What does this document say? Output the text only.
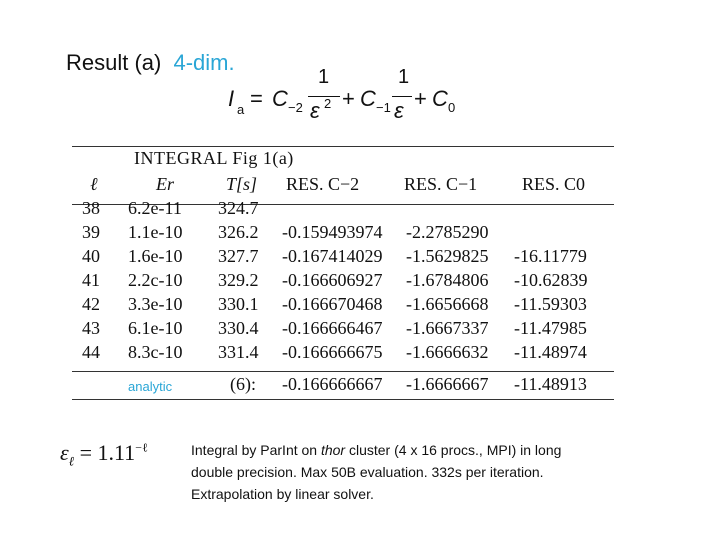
Result (a) 4-dim.
I a = C −2
1
ε 2 + C −1
1
ε + C 0
INTEGRAL Fig 1(a)
ℓ	Er	T[s] RES. C−2 RES. C−1 RES. C0
38 6.2e-11 324.7
39 1.1e-10 326.2 -0.159493974 -2.2785290
40 1.6e-10 327.7 -0.167414029 -1.5629825 -16.11779
41 2.2c-10 329.2 -0.166606927 -1.6784806 -10.62839
42 3.3e-10 330.1 -0.166670468 -1.6656668 -11.59303
43 6.1e-10 330.4 -0.166666467 -1.6667337 -11.47985
44 8.3c-10 331.4 -0.166666675 -1.6666632 -11.48974
analytic	(6): -0.166666667 -1.6666667 -11.48913
$\varepsilon_\ell = 1.11^{-\ell}$	Integral by ParInt on thor cluster (4 x 16 procs., MPI) in long
double precision. Max 50B evaluation. 332s per iteration.
Extrapolation by linear solver.
